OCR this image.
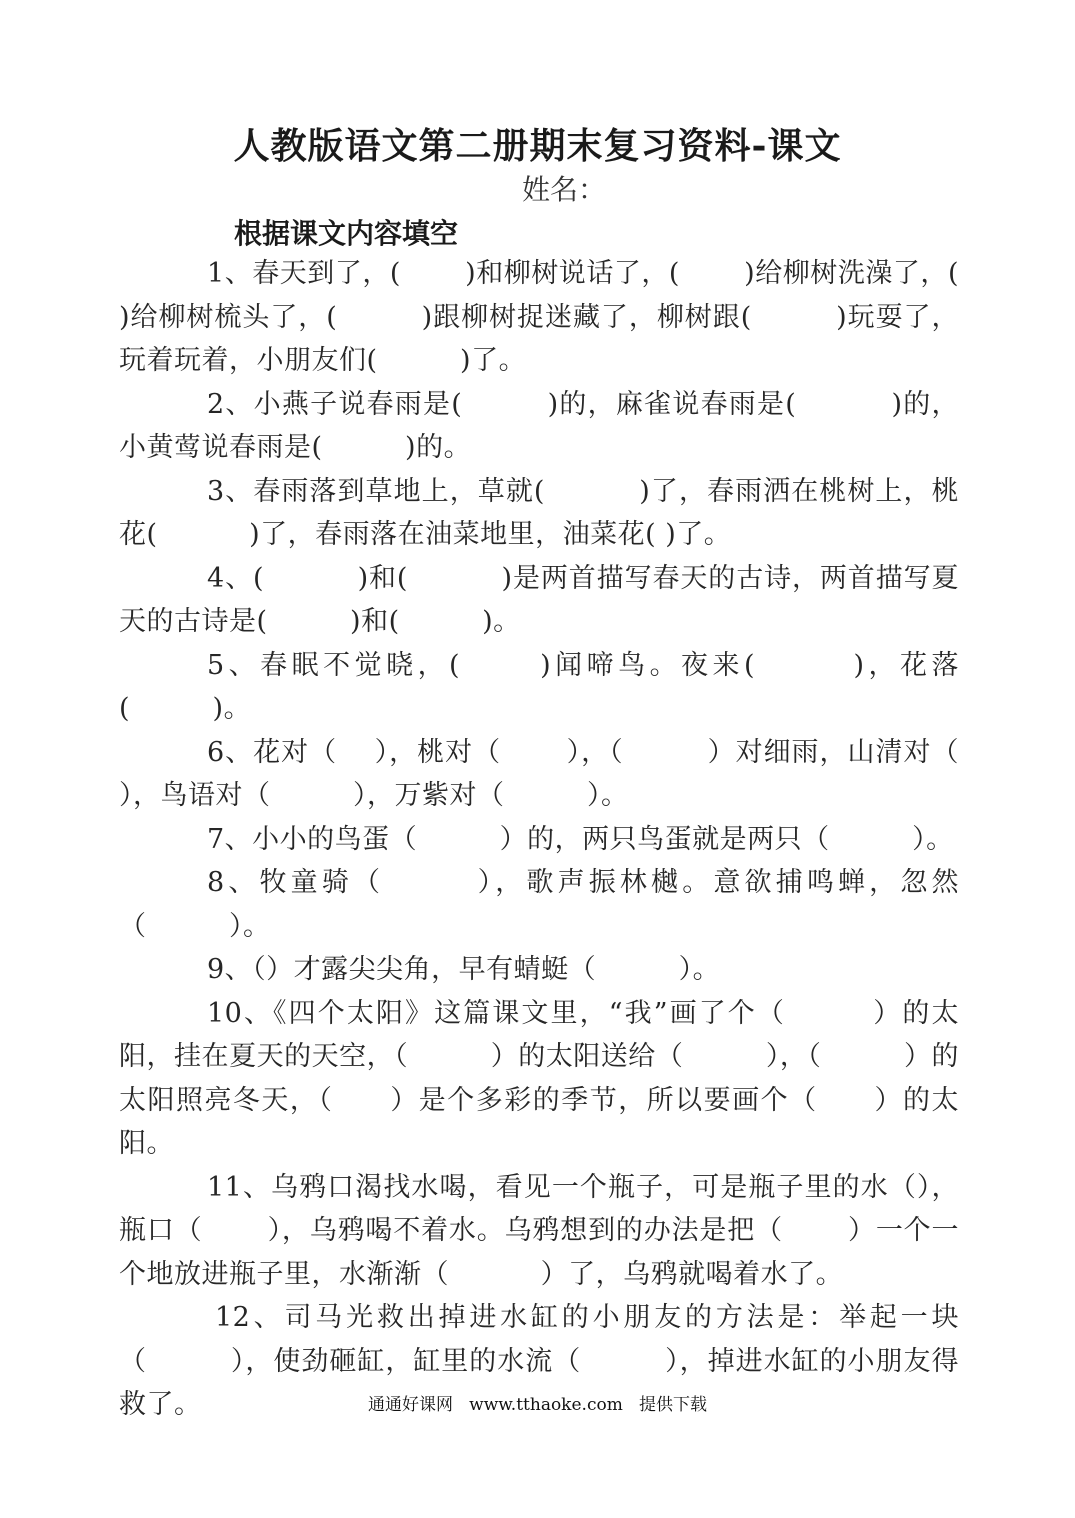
人教版语文第二册期末复习资料-课文
姓名：
根据课文内容填空

1、春天到了，(　　 )和柳树说话了，(　　 )给柳树洗澡了，(　　 )给柳树梳头了，(　　　)跟柳树捉迷藏了，柳树跟(　　　)玩耍了，玩着玩着，小朋友们(　　　)了。

2、小燕子说春雨是(　　　)的，麻雀说春雨是(　　　 )的，小黄莺说春雨是(　　　)的。

3、春雨落到草地上，草就(　　　 )了，春雨洒在桃树上，桃花(　　　 )了，春雨落在油菜地里，油菜花( )了。

4、(　　　 )和(　　　 )是两首描写春天的古诗，两首描写夏天的古诗是(　　　)和(　　　)。

5、春眠不觉晓，(　　 )闻啼鸟。夜来(　　　)，花落(　　　)。

6、花对（　 ），桃对（　　 ），（　　　）对细雨，山清对（　　 ），鸟语对（　　　），万紫对（　　　）。

7、小小的鸟蛋（　　　）的，两只鸟蛋就是两只（　　　）。

8、牧童骑（　　　），歌声振林樾。意欲捕鸣蝉，忽然（　　　）。

9、（）才露尖尖角，早有蜻蜓（　　　）。

10、《四个太阳》这篇课文里，“我”画了个（　　　）的太阳，挂在夏天的天空，（　　　）的太阳送给（　　　），（　　　）的太阳照亮冬天，（　　）是个多彩的季节，所以要画个（　　）的太阳。

11、乌鸦口渴找水喝，看见一个瓶子，可是瓶子里的水（），瓶口（　　 ），乌鸦喝不着水。乌鸦想到的办法是把（　　 ）一个一个地放进瓶子里，水渐渐（　　　 ）了，乌鸦就喝着水了。

12、司马光救出掉进水缸的小朋友的方法是：举起一块（　　　），使劲砸缸，缸里的水流（　　　），掉进水缸的小朋友得救了。	通通好课网   www.tthaoke.com   提供下载
